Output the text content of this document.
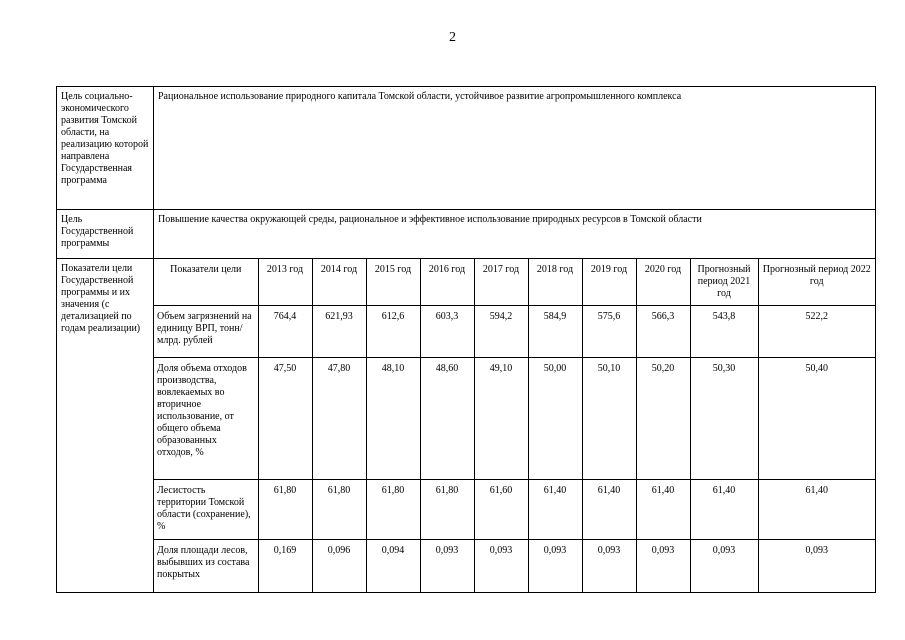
2
Цель социально-экономического развития Томской области, на реализацию которой направлена Государственная программа	Рациональное использование природного капитала Томской области, устойчивое развитие агропромышленного комплекса
Цель Государственной программы	Повышение качества окружающей среды, рациональное и эффективное использование природных ресурсов в Томской области
Показатели цели Государственной программы и их значения (с детализацией по годам реализации)	
Показатели цели	2013 год	2014 год	2015 год	2016 год	2017 год	2018 год	2019 год	2020 год	Прогнозный период 2021 год	Прогнозный период 2022 год
Объем загрязнений на единицу ВРП, тонн/млрд. рублей	764,4	621,93	612,6	603,3	594,2	584,9	575,6	566,3	543,8	522,2
Доля объема отходов производства, вовлекаемых во вторичное использование, от общего объема образованных отходов, %	47,50	47,80	48,10	48,60	49,10	50,00	50,10	50,20	50,30	50,40
Лесистость территории Томской области (сохранение), %	61,80	61,80	61,80	61,80	61,60	61,40	61,40	61,40	61,40	61,40
Доля площади лесов, выбывших из состава покрытых	0,169	0,096	0,094	0,093	0,093	0,093	0,093	0,093	0,093	0,093
